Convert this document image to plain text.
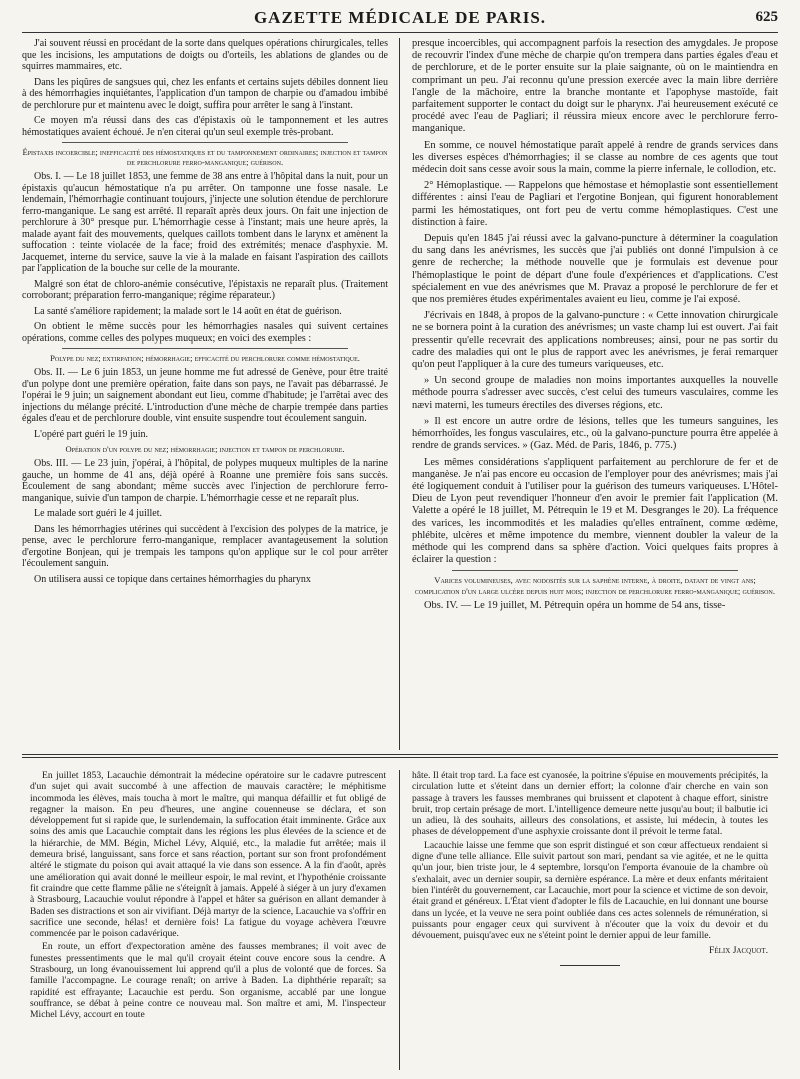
GAZETTE MÉDICALE DE PARIS.	625

J'ai souvent réussi en procédant de la sorte dans quelques opérations chirurgicales, telles que les incisions, les amputations de doigts ou d'orteils, les ablations de glandes ou de squirres mammaires, etc.

Dans les piqûres de sangsues qui, chez les enfants et certains sujets débiles donnent lieu à des hémorrhagies inquiétantes, l'application d'un tampon de charpie ou d'amadou imbibé de perchlorure pur et maintenu avec le doigt, suffira pour arrêter le sang à l'instant.

Ce moyen m'a réussi dans des cas d'épistaxis où le tamponnement et les autres hémostatiques avaient échoué. Je n'en citerai qu'un seul exemple très-probant.

Épistaxis incoercible; inefficacité des hémostatiques et du tamponnement ordinaires; injection et tampon de perchlorure ferro-manganique; guérison.

Obs. I. — Le 18 juillet 1853, une femme de 38 ans entre à l'hôpital dans la nuit, pour un épistaxis qu'aucun hémostatique n'a pu arrêter. On tamponne une fosse nasale. Le lendemain, l'hémorrhagie continuant toujours, j'injecte une solution étendue de perchlorure ferro-manganique. Le sang est arrêté. Il reparaît après deux jours. On fait une injection de perchlorure à 30° presque pur. L'hémorrhagie cesse à l'instant; mais une heure après, la malade ayant fait des mouvements, quelques caillots tombent dans le larynx et amènent la suffocation : teinte violacée de la face; froid des extrémités; menace d'asphyxie. M. Jacquemet, interne du service, sauve la vie à la malade en faisant l'aspiration des caillots par l'application de la bouche sur celle de la mourante.

Malgré son état de chloro-anémie consécutive, l'épistaxis ne reparaît plus. (Traitement corroborant; préparation ferro-manganique; régime réparateur.)

La santé s'améliore rapidement; la malade sort le 14 août en état de guérison.

On obtient le même succès pour les hémorrhagies nasales qui suivent certaines opérations, comme celles des polypes muqueux; en voici des exemples :

Polype du nez; extirpation; hémorrhagie; efficacité du perchlorure comme hémostatique.

Obs. II. — Le 6 juin 1853, un jeune homme me fut adressé de Genève, pour être traité d'un polype dont une première opération, faite dans son pays, ne l'avait pas débarrassé. Je l'opérai le 9 juin; un saignement abondant eut lieu, comme d'habitude; je l'arrêtai avec des injections du mélange précité. L'introduction d'une mèche de charpie trempée dans parties égales d'eau et de perchlorure double, vint ensuite suspendre tout écoulement sanguin.

L'opéré part guéri le 19 juin.

Opération d'un polype du nez; hémorrhagie; injection et tampon de perchlorure.

Obs. III. — Le 23 juin, j'opérai, à l'hôpital, de polypes muqueux multiples de la narine gauche, un homme de 41 ans, déjà opéré à Roanne une première fois sans succès. Écoulement de sang abondant; même succès avec l'injection de perchlorure ferro-manganique, suivie d'un tampon de charpie. L'hémorrhagie cesse et ne reparaît plus.

Le malade sort guéri le 4 juillet.

Dans les hémorrhagies utérines qui succèdent à l'excision des polypes de la matrice, je pense, avec le perchlorure ferro-manganique, remplacer avantageusement la solution d'ergotine Bonjean, qui je trempais les tampons qu'on applique sur le col pour arrêter l'écoulement sanguin.

On utilisera aussi ce topique dans certaines hémorrhagies du pharynx

presque incoercibles, qui accompagnent parfois la resection des amygdales. Je propose de recouvrir l'index d'une mèche de charpie qu'on trempera dans parties égales d'eau et de perchlorure, et de le porter ensuite sur la plaie saignante, où on le maintiendra en comprimant un peu. J'ai reconnu qu'une pression exercée avec la main libre derrière l'angle de la mâchoire, entre la branche montante et l'apophyse mastoïde, fait parfaitement supporter le contact du doigt sur le pharynx. J'ai heureusement exécuté ce procédé avec l'eau de Pagliari; il réussira mieux encore avec le perchlorure ferro-manganique.

En somme, ce nouvel hémostatique paraît appelé à rendre de grands services dans les diverses espèces d'hémorrhagies; il se classe au nombre de ces agents que tout médecin doit sans cesse avoir sous la main, comme la pierre infernale, le collodion, etc.

2° Hémoplastique. — Rappelons que hémostase et hémoplastie sont essentiellement différentes : ainsi l'eau de Pagliari et l'ergotine Bonjean, qui figurent honorablement parmi les hémostatiques, ont fort peu de vertu comme hémoplastiques. C'est une distinction à faire.

Depuis qu'en 1845 j'ai réussi avec la galvano-puncture à déterminer la coagulation du sang dans les anévrismes, les succès que j'ai publiés ont donné l'impulsion à ce genre de recherche; la méthode nouvelle que je formulais est devenue pour l'hémoplastique le point de départ d'une foule d'expériences et d'applications. C'est spécialement en vue des anévrismes que M. Pravaz a proposé le perchlorure de fer et que nos premières études expérimentales avaient eu lieu, comme je l'ai exposé.

J'écrivais en 1848, à propos de la galvano-puncture : « Cette innovation chirurgicale ne se bornera point à la curation des anévrismes; un vaste champ lui est ouvert. J'ai fait pressentir qu'elle recevrait des applications nombreuses; ainsi, pour ne pas sortir du cadre des maladies qui ont le plus de rapport avec les anévrismes, je ferai remarquer qu'on peut l'appliquer à la cure des tumeurs variqueuses, etc.

» Un second groupe de maladies non moins importantes auxquelles la nouvelle méthode pourra s'adresser avec succès, c'est celui des tumeurs vasculaires, comme les nævi materni, les tumeurs érectiles des diverses régions, etc.

» Il est encore un autre ordre de lésions, telles que les tumeurs sanguines, les hémorrhoïdes, les fongus vasculaires, etc., où la galvano-puncture pourra être appelée à rendre de grands services. » (Gaz. Méd. de Paris, 1846, p. 775.)

Les mêmes considérations s'appliquent parfaitement au perchlorure de fer et de manganèse. Je n'ai pas encore eu occasion de l'employer pour des anévrismes; mais j'ai été logiquement conduit à l'utiliser pour la guérison des tumeurs variqueuses. L'Hôtel-Dieu de Lyon peut revendiquer l'honneur d'en avoir le premier fait l'application (M. Valette a opéré le 18 juillet, M. Pétrequin le 19 et M. Desgranges le 20). La fréquence des varices, les incommodités et les maladies qu'elles entraînent, comme œdème, phlébite, ulcères et même impotence du membre, viennent doubler la valeur de la méthode qui les comprend dans sa sphère d'action. Voici quelques faits propres à éclairer la question :

Varices volumineuses, avec nodosités sur la saphène interne, à droite, datant de vingt ans; complication d'un large ulcère depuis huit mois; injection de perchlorure ferro-manganique; guérison.

Obs. IV. — Le 19 juillet, M. Pétrequin opéra un homme de 54 ans, tisse-

En juillet 1853, Lacauchie démontrait la médecine opératoire sur le cadavre putrescent d'un sujet qui avait succombé à une affection de mauvais caractère; le méphitisme incommoda les élèves, mais toucha à mort le maître, qui manqua défaillir et fut obligé de regagner la maison. En peu d'heures, une angine couenneuse se déclara, et son développement fut si rapide que, le surlendemain, la suffocation était imminente. Grâce aux soins des amis que Lacauchie comptait dans les régions les plus élevées de la science et de la hiérarchie, de MM. Bégin, Michel Lévy, Alquié, etc., la maladie fut arrêtée; mais il demeura brisé, languissant, sans force et sans réaction, portant sur son front profondément altéré le stigmate du poison qui avait attaqué la vie dans son essence. A la fin d'août, après une amélioration qui avait donné le meilleur espoir, le mal revint, et l'hypothénie croissante fit craindre que cette flamme pâlie ne s'éteignît à jamais. Appelé à siéger à un jury d'examen à Strasbourg, Lacauchie voulut répondre à l'appel et hâter sa guérison en allant demander à Baden ses distractions et son air vivifiant. Déjà martyr de la science, Lacauchie va s'offrir en sacrifice une seconde, hélas! et dernière fois! La fatigue du voyage achèvera l'œuvre commencée par le poison cadavérique.

En route, un effort d'expectoration amène des fausses membranes; il voit avec de funestes pressentiments que le mal qu'il croyait éteint couve encore sous la cendre. A Strasbourg, un long évanouissement lui apprend qu'il a plus de volonté que de forces. Sa famille l'accompagne. Le courage renaît; on arrive à Baden. La diphthérie reparaît; sa rapidité est effrayante; Lacauchie est perdu. Son organisme, accablé par une longue souffrance, se débat à peine contre ce nouveau mal. Son maître et ami, M. l'inspecteur Michel Lévy, accourt en toute

hâte. Il était trop tard. La face est cyanosée, la poitrine s'épuise en mouvements précipités, la circulation lutte et s'éteint dans un dernier effort; la colonne d'air cherche en vain son passage à travers les fausses membranes qui bruissent et clapotent à chaque effort, sinistre bruit, trop certain présage de mort. L'intelligence demeure nette jusqu'au bout; il balbutie ici un adieu, là des souhaits, ailleurs des consolations, et assiste, lui médecin, à toutes les phases de développement d'une asphyxie croissante dont il prévoit le terme fatal.

Lacauchie laisse une femme que son esprit distingué et son cœur affectueux rendaient si digne d'une telle alliance. Elle suivit partout son mari, pendant sa vie agitée, et ne le quitta qu'un jour, bien triste jour, le 4 septembre, lorsqu'on l'emporta évanouie de la chambre où s'exhalait, avec un dernier soupir, sa dernière espérance. La mère et deux enfants méritaient bien l'intérêt du gouvernement, car Lacauchie, mort pour la science et victime de son devoir, était grand et généreux. L'État vient d'adopter le fils de Lacauchie, en lui donnant une bourse dans un lycée, et la veuve ne sera point oubliée dans ces actes solennels de rémunération, si puissants pour engager ceux qui survivent à n'écouter que la voix du devoir et du dévouement, puisqu'avec eux ne s'éteint point le dernier appui de leur famille.

Félix Jacquot.
